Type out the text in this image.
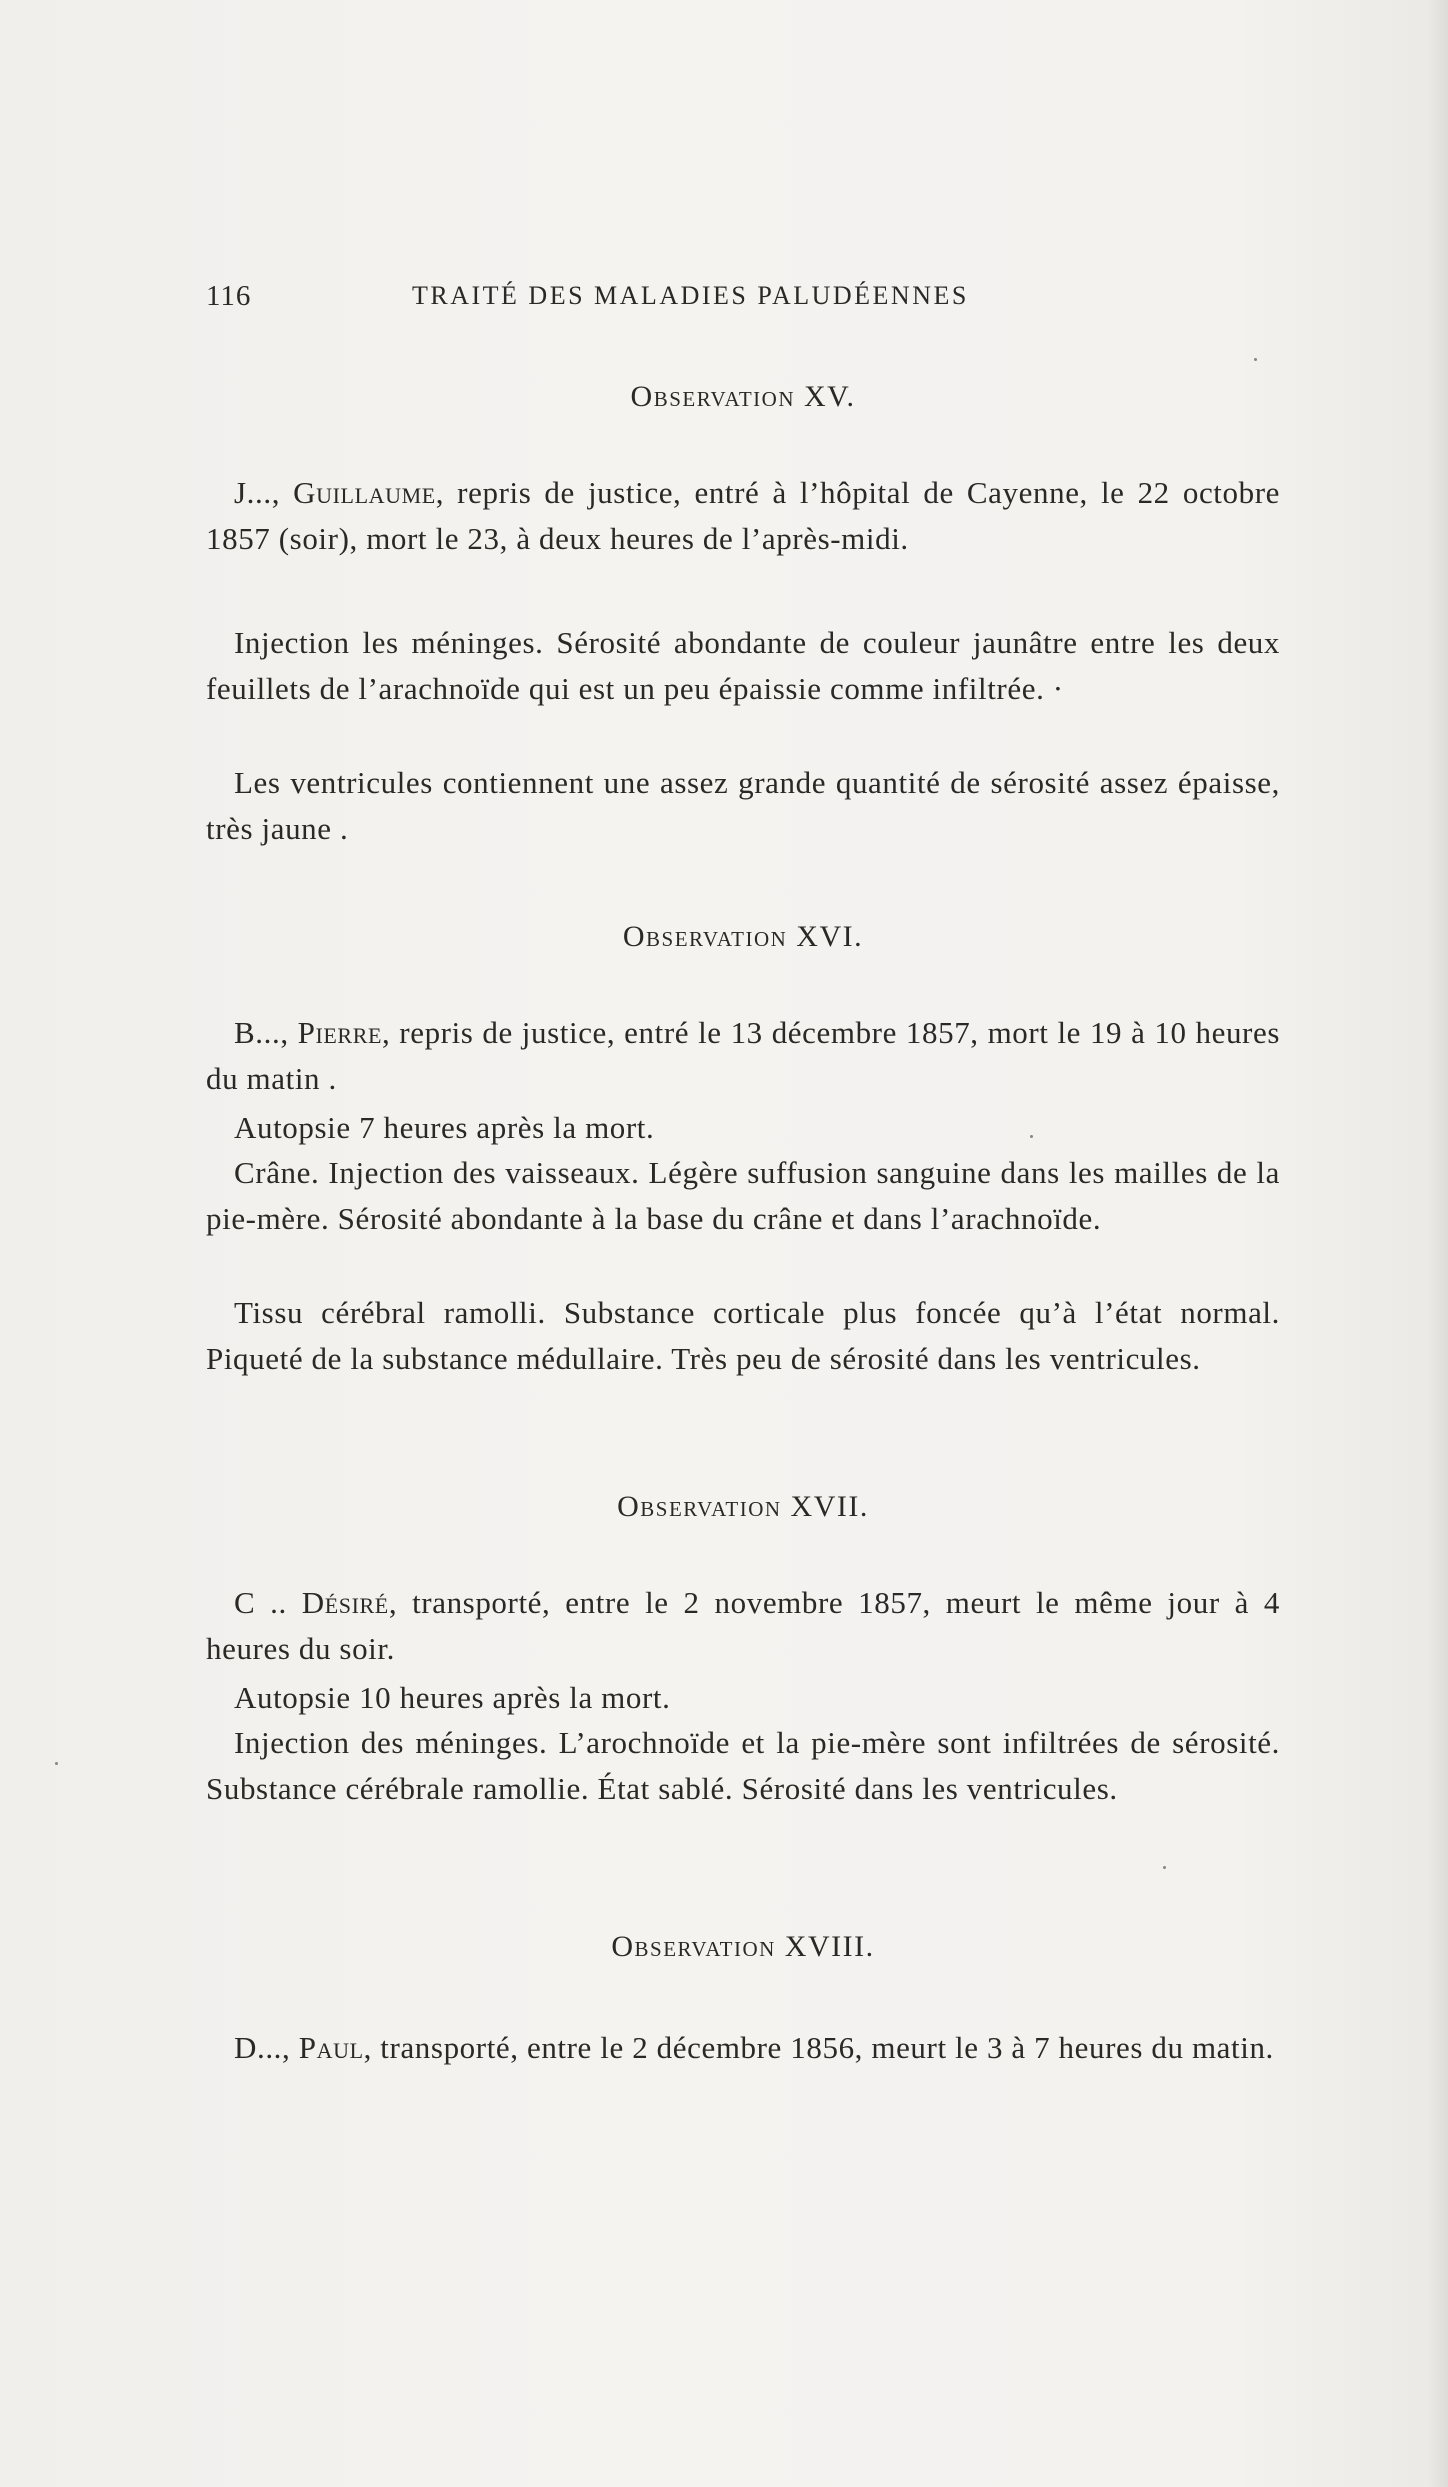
116	TRAITÉ DES MALADIES PALUDÉENNES
Observation XV.
J..., Guillaume, repris de justice, entré à l’hôpital de Cayenne, le 22 octobre 1857 (soir), mort le 23, à deux heures de l’après-midi.
Injection les méninges. Sérosité abondante de couleur jaunâtre entre les deux feuillets de l’arachnoïde qui est un peu épaissie comme infiltrée. ·
Les ventricules contiennent une assez grande quantité de sérosité assez épaisse, très jaune .
Observation XVI.
B..., Pierre, repris de justice, entré le 13 décembre 1857, mort le 19 à 10 heures du matin .
Autopsie 7 heures après la mort.
Crâne. Injection des vaisseaux. Légère suffusion sanguine dans les mailles de la pie-mère. Sérosité abondante à la base du crâne et dans l’arachnoïde.
Tissu cérébral ramolli. Substance corticale plus foncée qu’à l’état normal. Piqueté de la substance médullaire. Très peu de sérosité dans les ventricules.
Observation XVII.
C .. Désiré, transporté, entre le 2 novembre 1857, meurt le même jour à 4 heures du soir.
Autopsie 10 heures après la mort.
Injection des méninges. L’arochnoïde et la pie-mère sont infiltrées de sérosité. Substance cérébrale ramollie. État sablé. Sérosité dans les ventricules.
Observation XVIII.
D..., Paul, transporté, entre le 2 décembre 1856, meurt le 3 à 7 heures du matin.
